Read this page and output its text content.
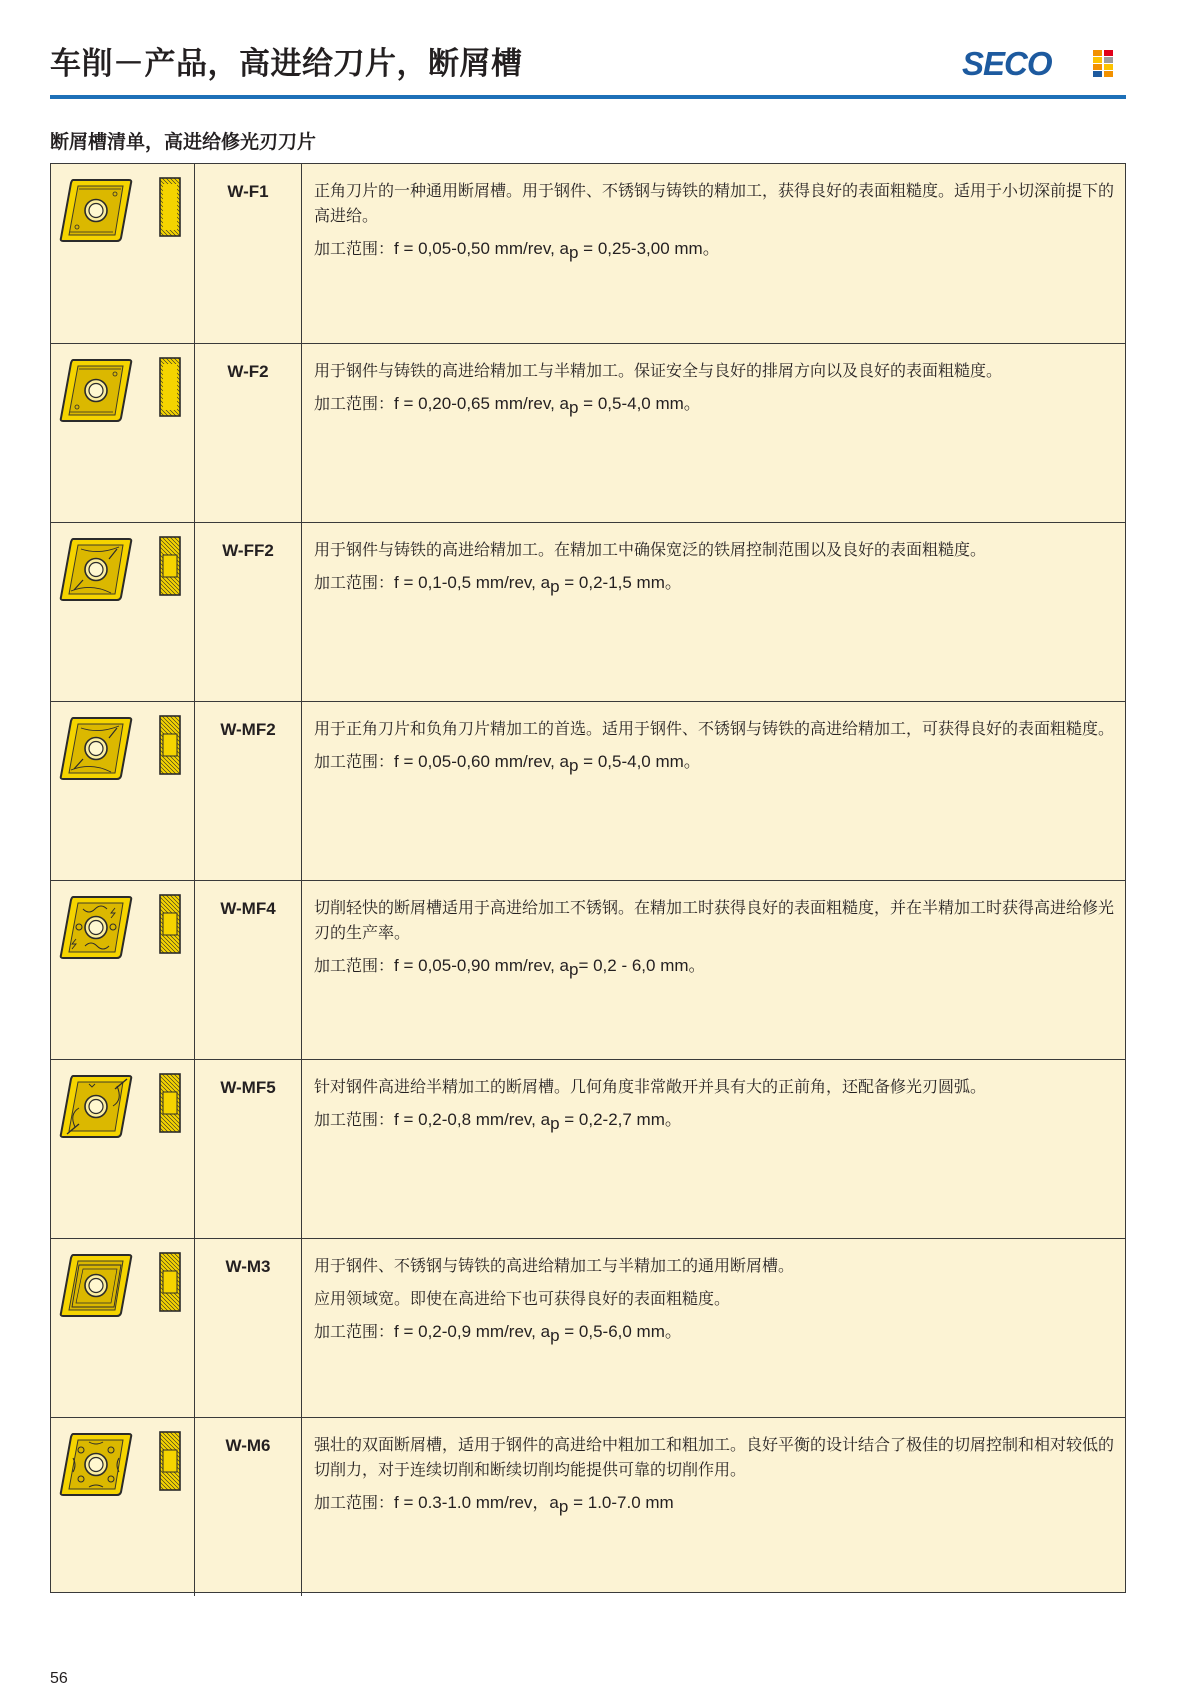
车削－产品，高进给刀片，断屑槽	SECO
断屑槽清单，高进给修光刃刀片
W-F1	正角刀片的一种通用断屑槽。用于钢件、不锈钢与铸铁的精加工，获得良好的表面粗糙度。适用于小切深前提下的高进给。

加工范围：f = 0,05-0,50 mm/rev, $a_p = 0,25-3,00$ mm。

W-F2	用于钢件与铸铁的高进给精加工与半精加工。保证安全与良好的排屑方向以及良好的表面粗糙度。

加工范围：f = 0,20-0,65 mm/rev, $a_p = 0,5-4,0$ mm。

W-FF2	用于钢件与铸铁的高进给精加工。在精加工中确保宽泛的铁屑控制范围以及良好的表面粗糙度。

加工范围：f = 0,1-0,5 mm/rev, $a_p = 0,2-1,5$ mm。

W-MF2	用于正角刀片和负角刀片精加工的首选。适用于钢件、不锈钢与铸铁的高进给精加工，可获得良好的表面粗糙度。

加工范围：f = 0,05-0,60 mm/rev, $a_p = 0,5-4,0$ mm。

W-MF4	切削轻快的断屑槽适用于高进给加工不锈钢。在精加工时获得良好的表面粗糙度，并在半精加工时获得高进给修光刃的生产率。

加工范围：f = 0,05-0,90 mm/rev, $a_p= 0,2 - 6,0$ mm。

W-MF5	针对钢件高进给半精加工的断屑槽。几何角度非常敞开并具有大的正前角，还配备修光刃圆弧。

加工范围：f = 0,2-0,8 mm/rev, $a_p = 0,2-2,7$ mm。

W-M3	用于钢件、不锈钢与铸铁的高进给精加工与半精加工的通用断屑槽。

应用领域宽。即使在高进给下也可获得良好的表面粗糙度。

加工范围：f = 0,2-0,9 mm/rev, $a_p = 0,5-6,0$ mm。

W-M6	强壮的双面断屑槽，适用于钢件的高进给中粗加工和粗加工。良好平衡的设计结合了极佳的切屑控制和相对较低的切削力，对于连续切削和断续切削均能提供可靠的切削作用。

加工范围：f = 0.3-1.0 mm/rev，$a_p = 1.0-7.0$ mm

56
